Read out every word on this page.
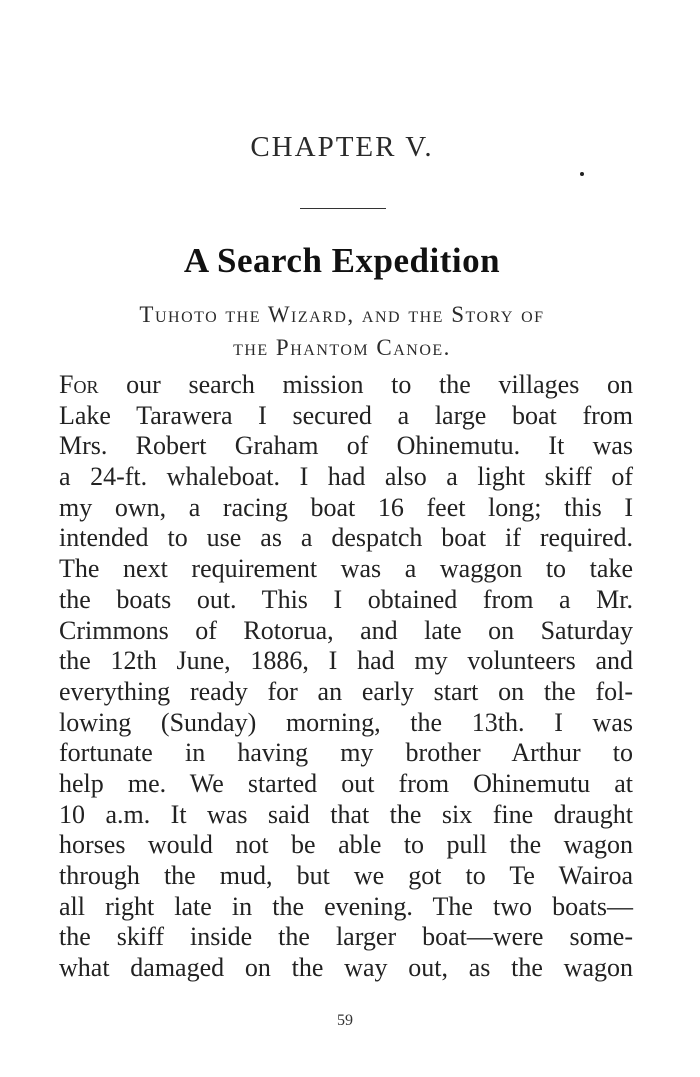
CHAPTER V.
A Search Expedition
Tuhoto the Wizard, and the Story of
the Phantom Canoe.
For our search mission to the villages on
Lake Tarawera I secured a large boat from
Mrs. Robert Graham of Ohinemutu. It was
a 24-ft. whaleboat. I had also a light skiff of
my own, a racing boat 16 feet long; this I
intended to use as a despatch boat if required.
The next requirement was a waggon to take
the boats out. This I obtained from a Mr.
Crimmons of Rotorua, and late on Saturday
the 12th June, 1886, I had my volunteers and
everything ready for an early start on the fol-
lowing (Sunday) morning, the 13th. I was
fortunate in having my brother Arthur to
help me. We started out from Ohinemutu at
10 a.m. It was said that the six fine draught
horses would not be able to pull the wagon
through the mud, but we got to Te Wairoa
all right late in the evening. The two boats—
the skiff inside the larger boat—were some-
what damaged on the way out, as the wagon
59
